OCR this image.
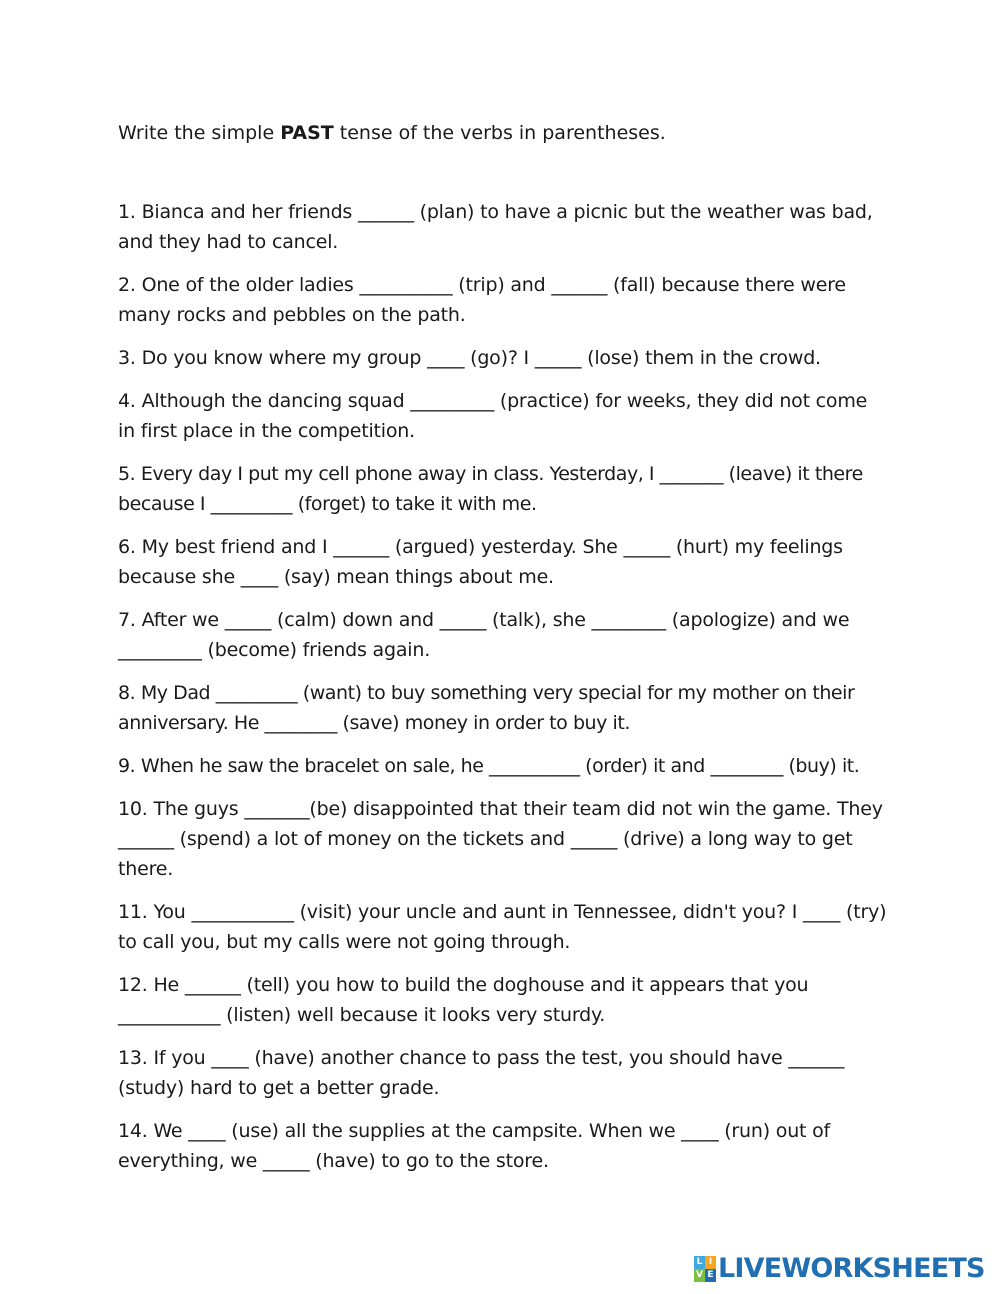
Write the simple PAST tense of the verbs in parentheses.

1. Bianca and her friends ______ (plan) to have a picnic but the weather was bad, and they had to cancel.
2. One of the older ladies __________ (trip) and ______ (fall) because there were many rocks and pebbles on the path.
3. Do you know where my group ____ (go)? I _____ (lose) them in the crowd.
4. Although the dancing squad _________ (practice) for weeks, they did not come in first place in the competition.
5. Every day I put my cell phone away in class. Yesterday, I _______ (leave) it there because I _________ (forget) to take it with me.
6. My best friend and I ______ (argued) yesterday. She _____ (hurt) my feelings because she ____ (say) mean things about me.
7. After we _____ (calm) down and _____ (talk), she ________ (apologize) and we _________ (become) friends again.
8. My Dad _________ (want) to buy something very special for my mother on their anniversary. He ________ (save) money in order to buy it.
9. When he saw the bracelet on sale, he __________ (order) it and ________ (buy) it.
10. The guys _______(be) disappointed that their team did not win the game. They ______ (spend) a lot of money on the tickets and _____ (drive) a long way to get there.
11. You ___________ (visit) your uncle and aunt in Tennessee, didn't you? I ____ (try) to call you, but my calls were not going through.
12. He ______ (tell) you how to build the doghouse and it appears that you ___________ (listen) well because it looks very sturdy.
13. If you ____ (have) another chance to pass the test, you should have ______ (study) hard to get a better grade.
14. We ____ (use) all the supplies at the campsite. When we ____ (run) out of everything, we _____ (have) to go to the store.
L I
V E LIVEWORKSHEETS
